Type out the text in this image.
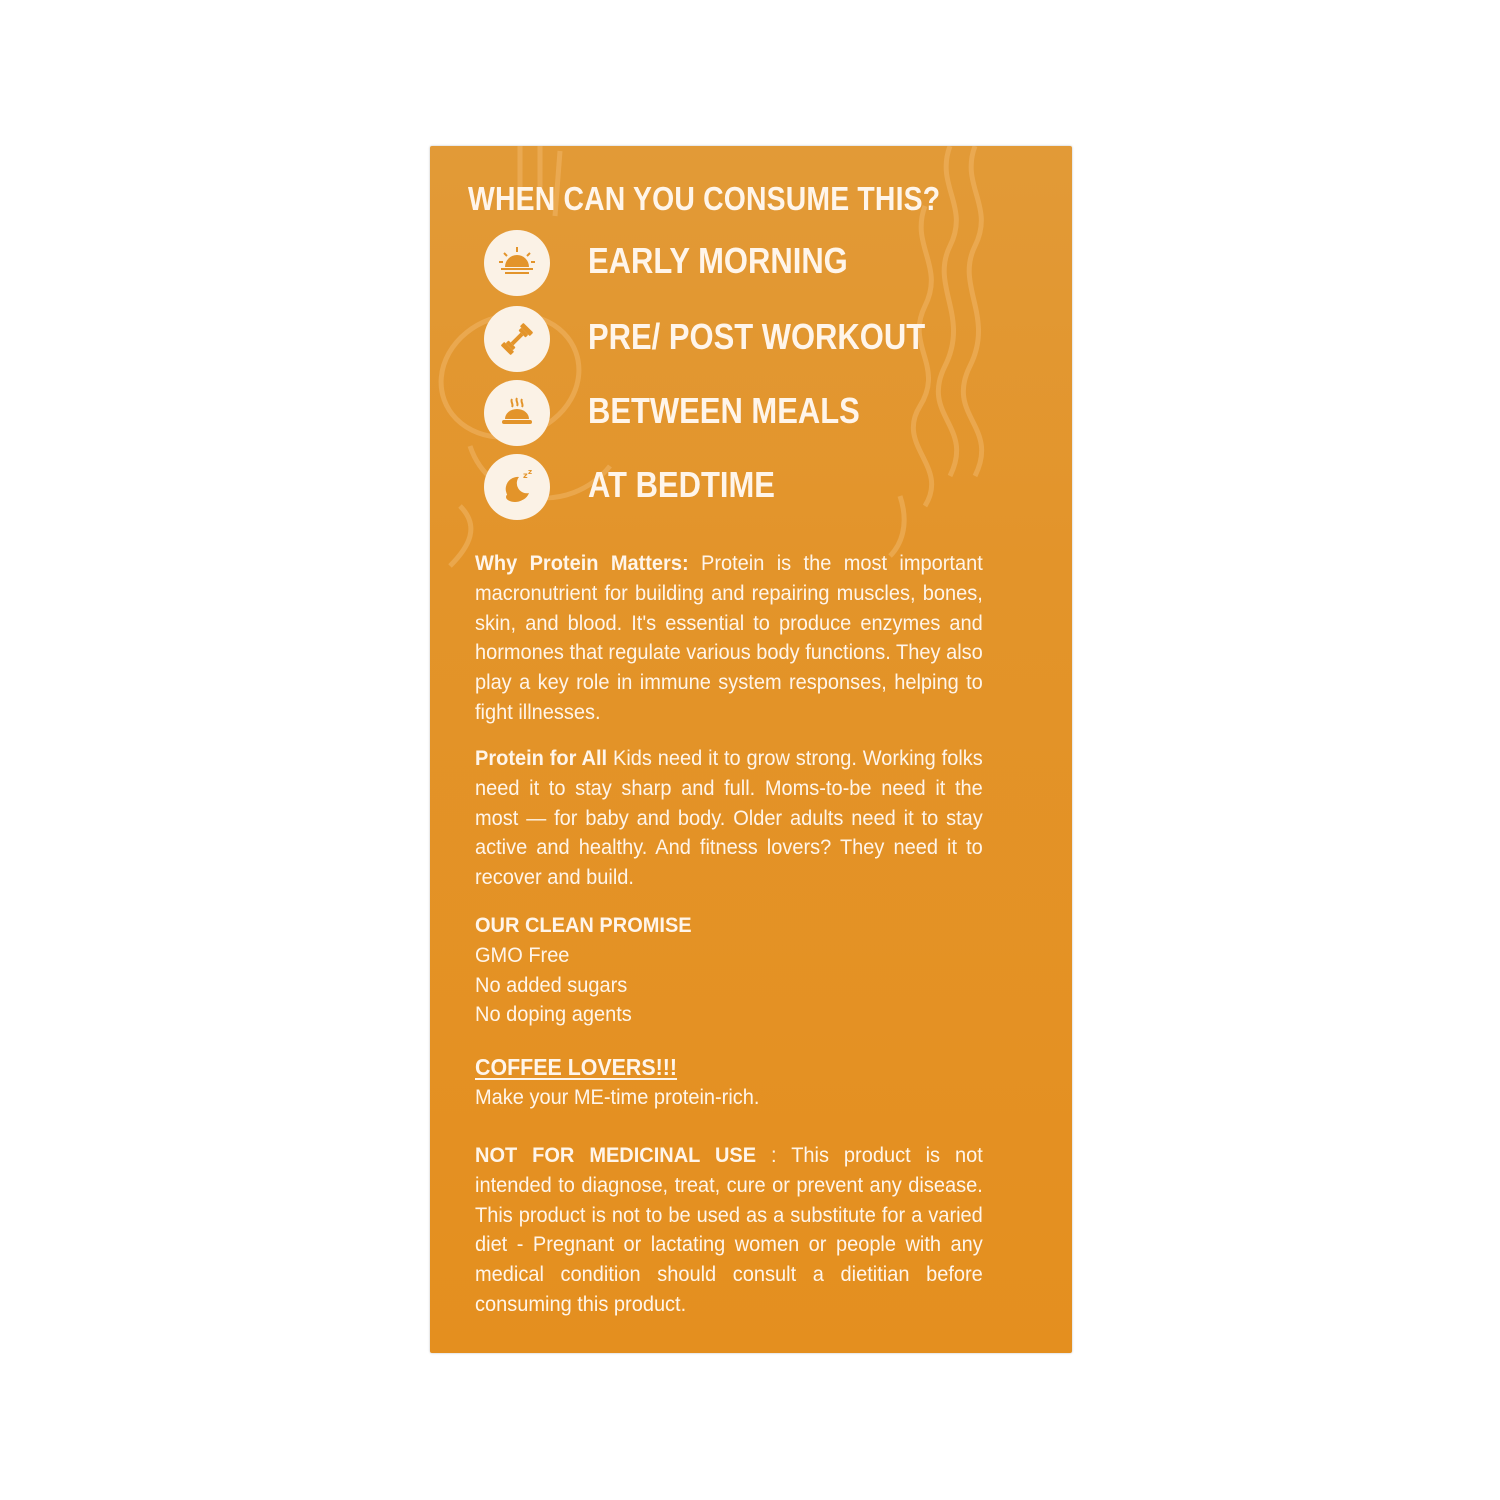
WHEN CAN YOU CONSUME THIS?
EARLY MORNING
PRE/ POST WORKOUT
BETWEEN MEALS
z z AT BEDTIME
Why Protein Matters: Protein is the most important macronutrient for building and repairing muscles, bones, skin, and blood. It's essential to produce enzymes and hormones that regulate various body functions. They also play a key role in immune system responses, helping to fight illnesses.
Protein for All Kids need it to grow strong. Working folks need it to stay sharp and full. Moms-to-be need it the most — for baby and body. Older adults need it to stay active and healthy. And fitness lovers? They need it to recover and build.
OUR CLEAN PROMISE
GMO Free
No added sugars
No doping agents
COFFEE LOVERS!!!
Make your ME-time protein-rich.
NOT FOR MEDICINAL USE : This product is not intended to diagnose, treat, cure or prevent any disease. This product is not to be used as a substitute for a varied diet - Pregnant or lactating women or people with any medical condition should consult a dietitian before consuming this product.
